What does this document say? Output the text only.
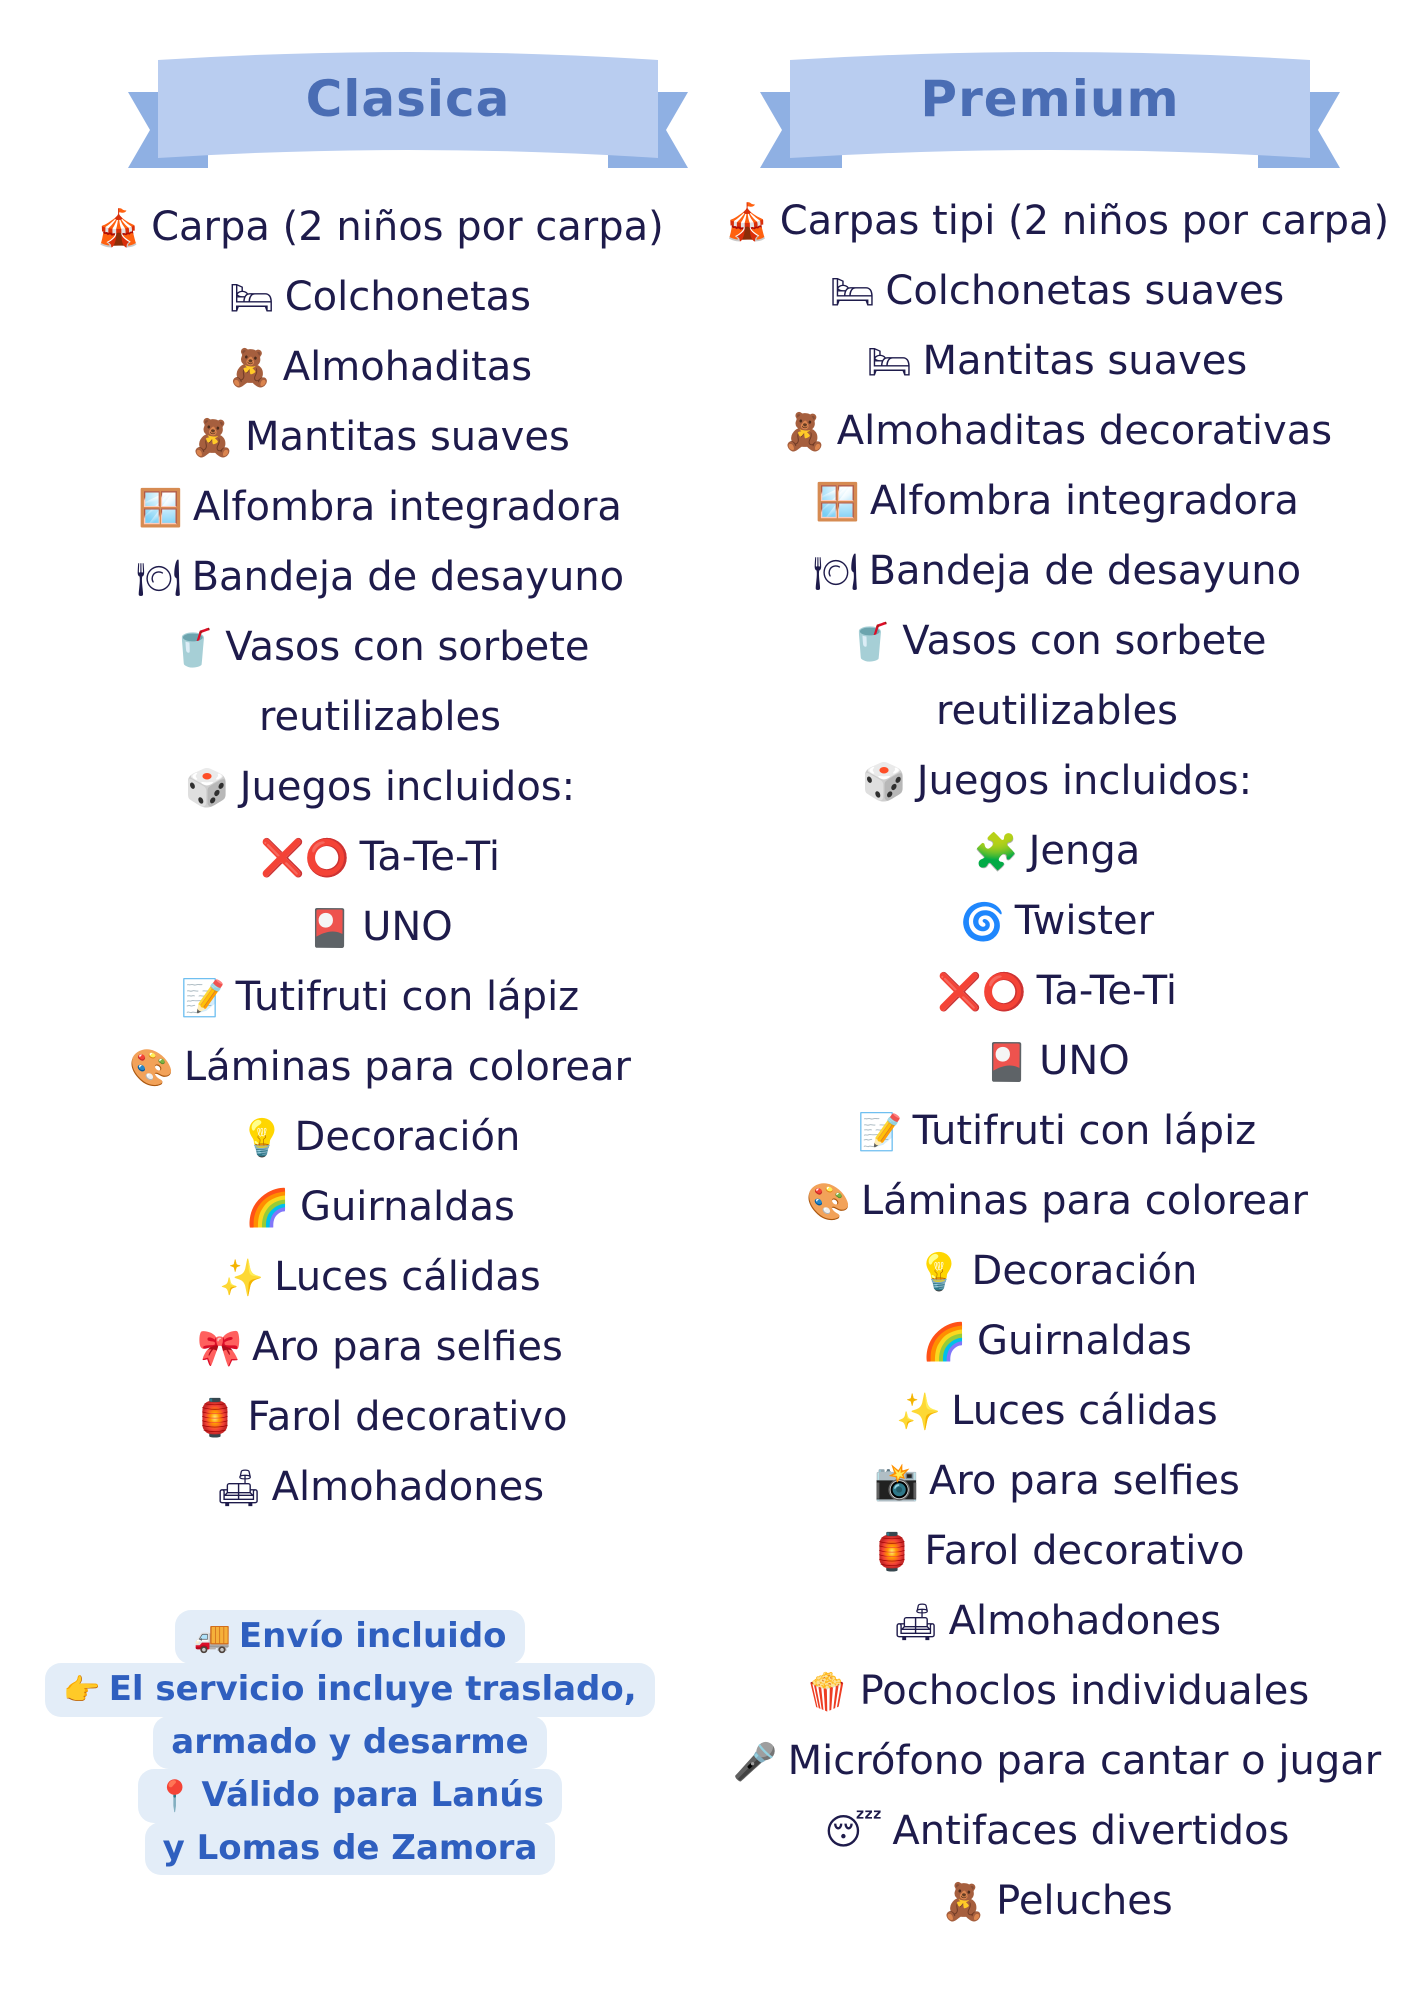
Clasica
🎪 Carpa (2 niños por carpa)
🛏 Colchonetas
🧸 Almohaditas
🧸 Mantitas suaves
🪟 Alfombra integradora
🍽 Bandeja de desayuno
🥤 Vasos con sorbete
reutilizables
🎲 Juegos incluidos:
❌⭕ Ta-Te-Ti
🎴 UNO
📝 Tutifruti con lápiz
🎨 Láminas para colorear
💡 Decoración
🌈 Guirnaldas
✨ Luces cálidas
🎀 Aro para selfies
🏮 Farol decorativo
🛋 Almohadones
🚚 Envío incluido
👉 El servicio incluye traslado,
armado y desarme
📍 Válido para Lanús
y Lomas de Zamora
Premium
🎪 Carpas tipi (2 niños por carpa)
🛏 Colchonetas suaves
🛏 Mantitas suaves
🧸 Almohaditas decorativas
🪟 Alfombra integradora
🍽 Bandeja de desayuno
🥤 Vasos con sorbete
reutilizables
🎲 Juegos incluidos:
🧩 Jenga
🌀 Twister
❌⭕ Ta-Te-Ti
🎴 UNO
📝 Tutifruti con lápiz
🎨 Láminas para colorear
💡 Decoración
🌈 Guirnaldas
✨ Luces cálidas
📸 Aro para selfies
🏮 Farol decorativo
🛋 Almohadones
🍿 Pochoclos individuales
🎤 Micrófono para cantar o jugar
😴 Antifaces divertidos
🧸 Peluches
